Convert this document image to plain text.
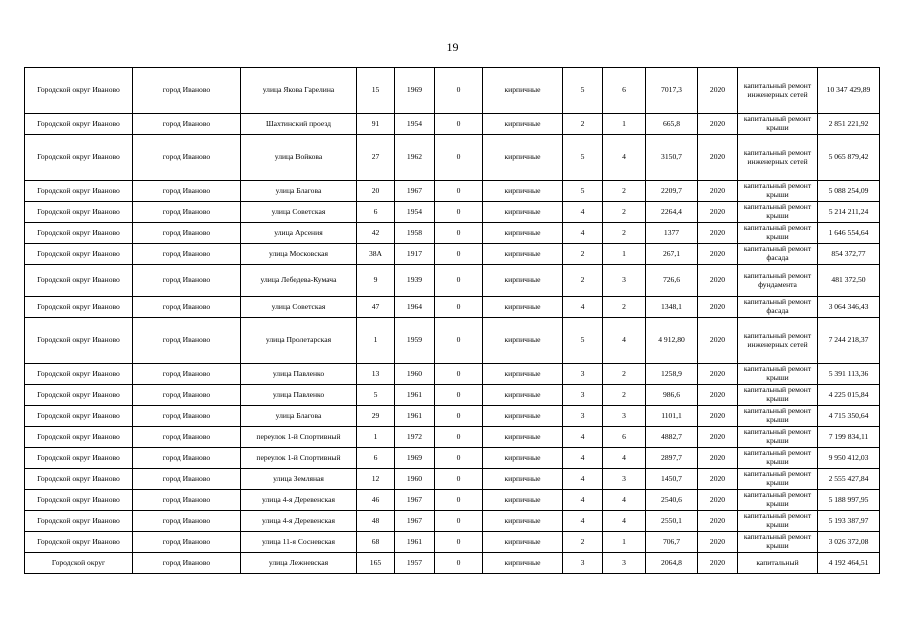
19
Городской округ Иваново	город Иваново	улица Якова Гарелина	15	1969	0	кирпичные	5	6	7017,3	2020	капитальный ремонт инженерных сетей	10 347 429,89
Городской округ Иваново	город Иваново	Шахтинский проезд	91	1954	0	кирпичные	2	1	665,8	2020	капитальный ремонт крыши	2 851 221,92
Городской округ Иваново	город Иваново	улица Войкова	27	1962	0	кирпичные	5	4	3150,7	2020	капитальный ремонт инженерных сетей	5 065 879,42
Городской округ Иваново	город Иваново	улица Благова	20	1967	0	кирпичные	5	2	2209,7	2020	капитальный ремонт крыши	5 088 254,09
Городской округ Иваново	город Иваново	улица Советская	6	1954	0	кирпичные	4	2	2264,4	2020	капитальный ремонт крыши	5 214 211,24
Городской округ Иваново	город Иваново	улица Арсения	42	1958	0	кирпичные	4	2	1377	2020	капитальный ремонт крыши	1 646 554,64
Городской округ Иваново	город Иваново	улица Московская	38А	1917	0	кирпичные	2	1	267,1	2020	капитальный ремонт фасада	854 372,77
Городской округ Иваново	город Иваново	улица Лебедева-Кумача	9	1939	0	кирпичные	2	3	726,6	2020	капитальный ремонт фундамента	481 372,50
Городской округ Иваново	город Иваново	улица Советская	47	1964	0	кирпичные	4	2	1348,1	2020	капитальный ремонт фасада	3 064 346,43
Городской округ Иваново	город Иваново	улица Пролетарская	1	1959	0	кирпичные	5	4	4 912,80	2020	капитальный ремонт инженерных сетей	7 244 218,37
Городской округ Иваново	город Иваново	улица Павленко	13	1960	0	кирпичные	3	2	1258,9	2020	капитальный ремонт крыши	5 391 113,36
Городской округ Иваново	город Иваново	улица Павленко	5	1961	0	кирпичные	3	2	986,6	2020	капитальный ремонт крыши	4 225 015,84
Городской округ Иваново	город Иваново	улица Благова	29	1961	0	кирпичные	3	3	1101,1	2020	капитальный ремонт крыши	4 715 350,64
Городской округ Иваново	город Иваново	переулок 1-й Спортивный	1	1972	0	кирпичные	4	6	4882,7	2020	капитальный ремонт крыши	7 199 834,11
Городской округ Иваново	город Иваново	переулок 1-й Спортивный	6	1969	0	кирпичные	4	4	2897,7	2020	капитальный ремонт крыши	9 950 412,03
Городской округ Иваново	город Иваново	улица Земляная	12	1960	0	кирпичные	4	3	1450,7	2020	капитальный ремонт крыши	2 555 427,84
Городской округ Иваново	город Иваново	улица 4-я Деревенская	46	1967	0	кирпичные	4	4	2540,6	2020	капитальный ремонт крыши	5 188 997,95
Городской округ Иваново	город Иваново	улица 4-я Деревенская	48	1967	0	кирпичные	4	4	2550,1	2020	капитальный ремонт крыши	5 193 387,97
Городской округ Иваново	город Иваново	улица 11-я Сосневская	68	1961	0	кирпичные	2	1	706,7	2020	капитальный ремонт крыши	3 026 372,08
Городской округ	город Иваново	улица Лежневская	165	1957	0	кирпичные	3	3	2064,8	2020	капитальный	4 192 464,51
